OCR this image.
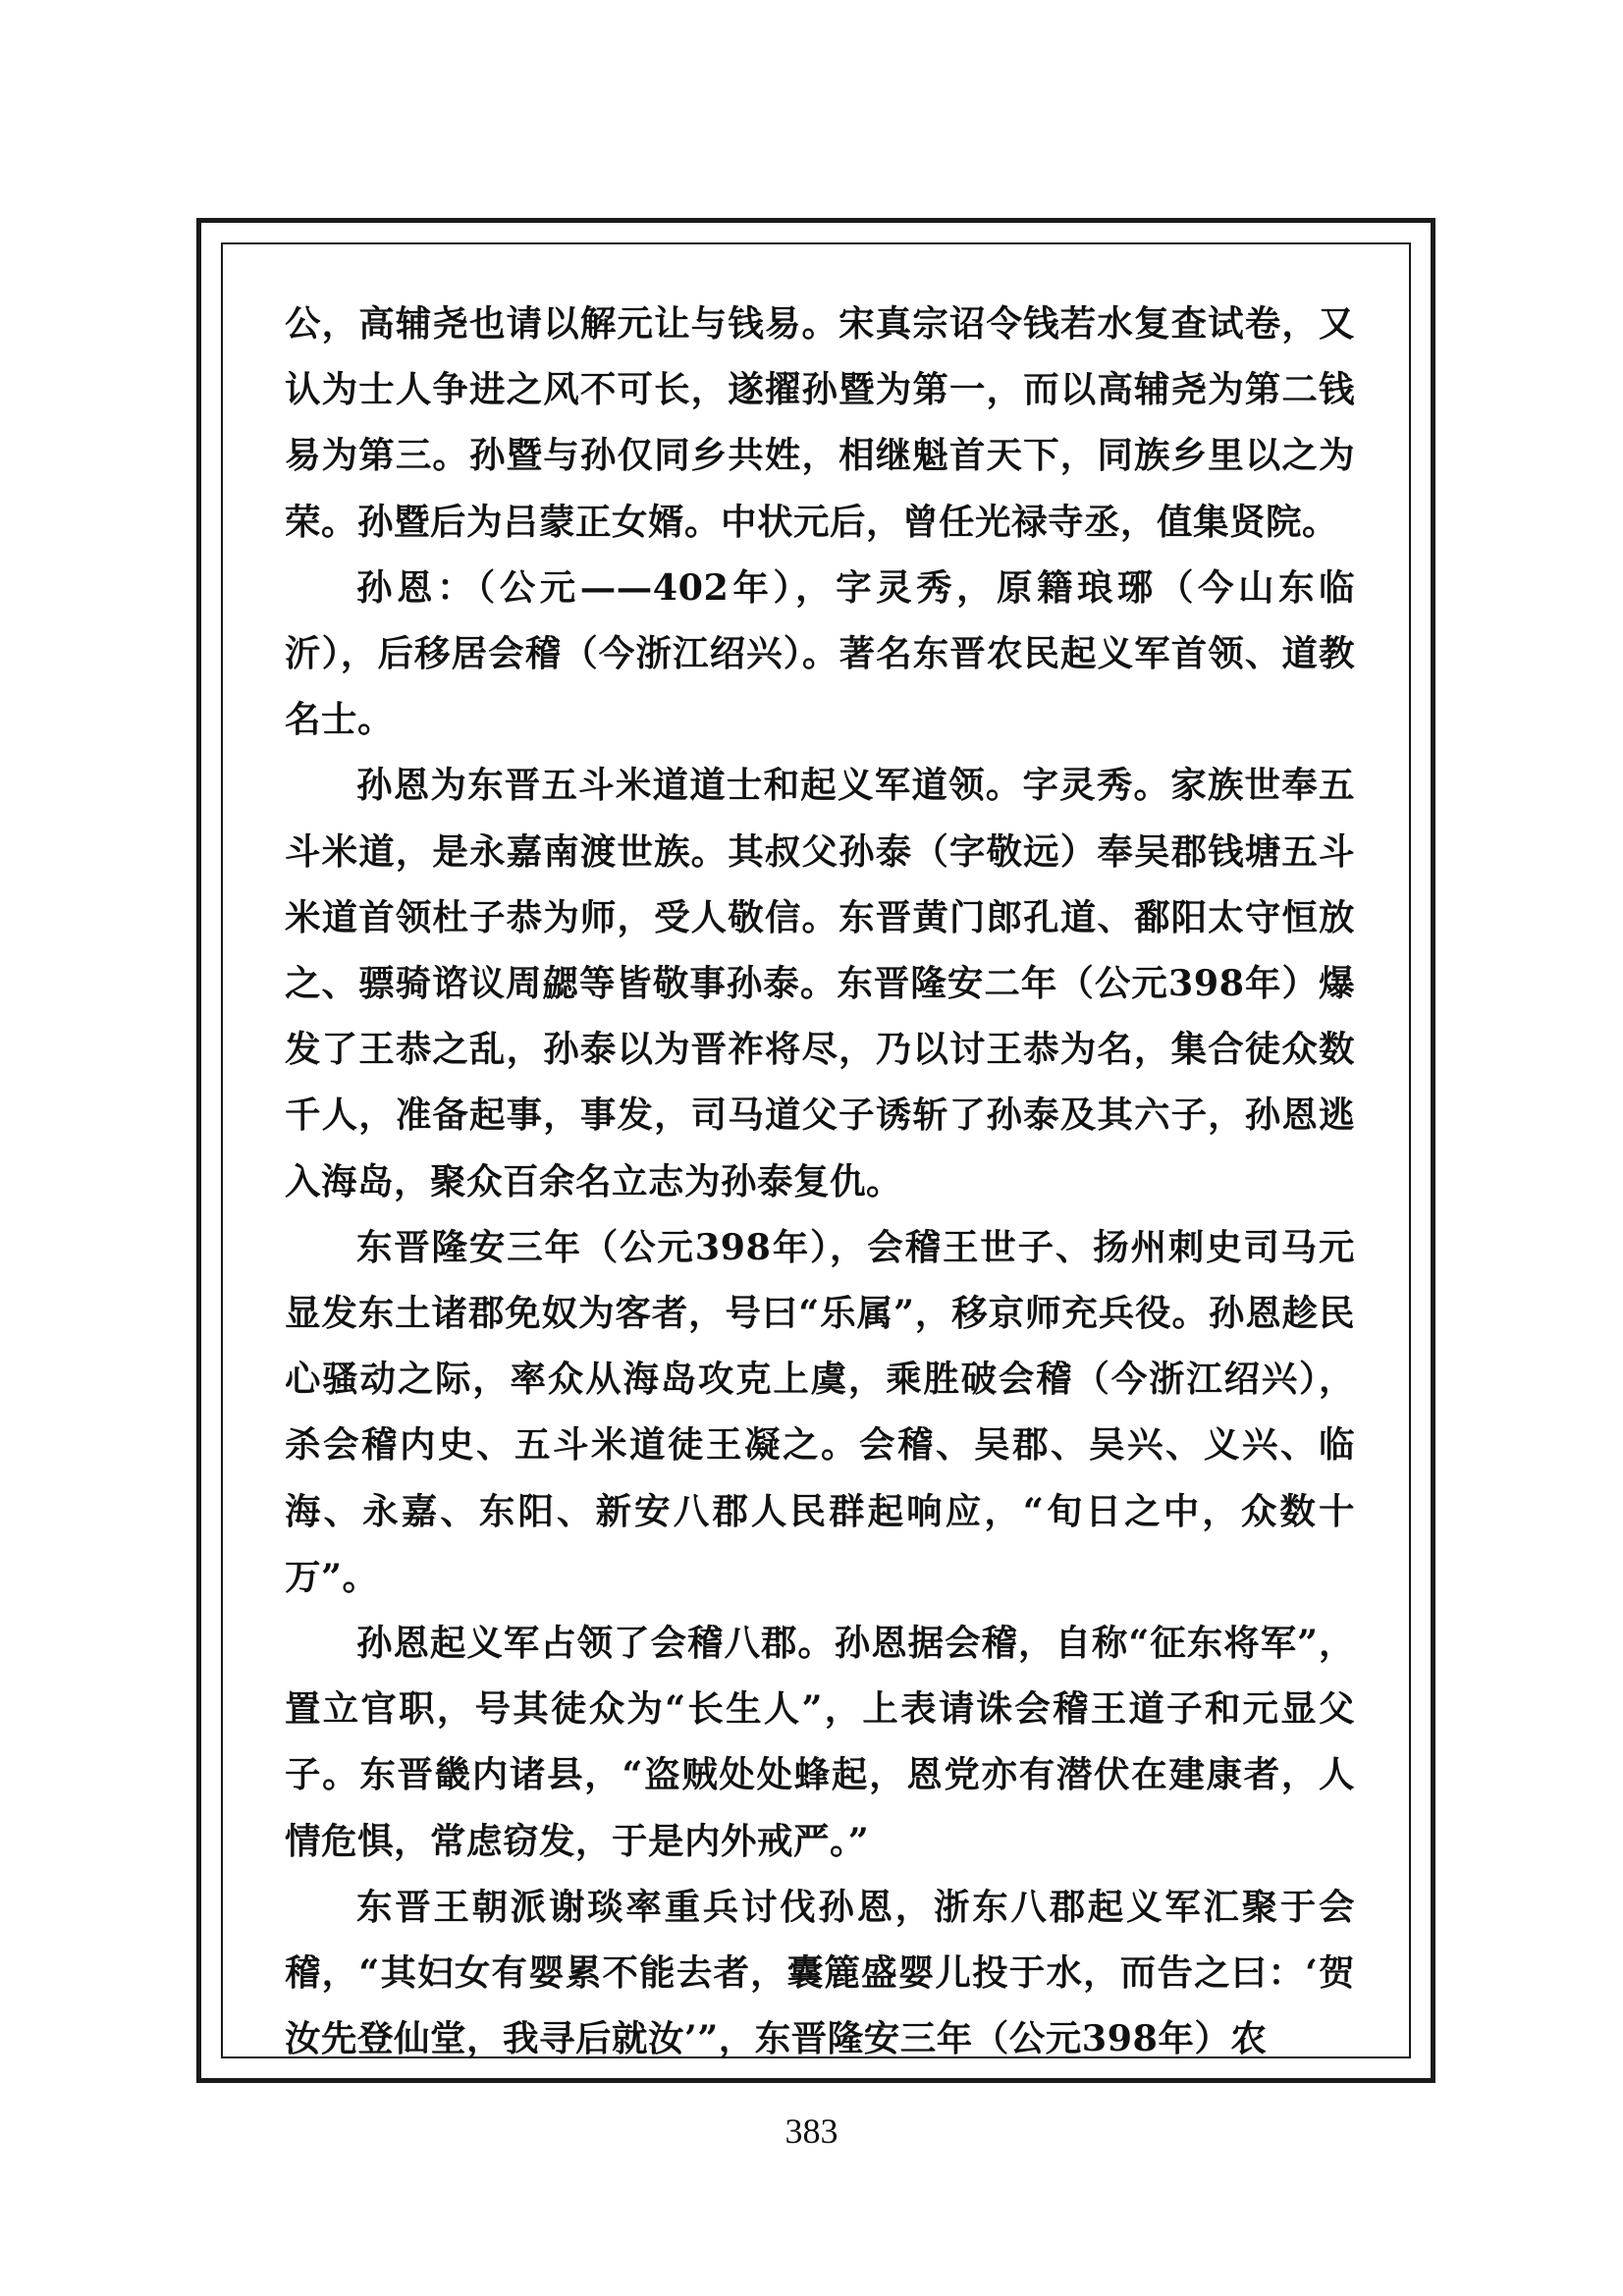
公，高辅尧也请以解元让与钱易。宋真宗诏令钱若水复查试卷，又认为士人争进之风不可长，遂擢孙暨为第一，而以高辅尧为第二钱易为第三。孙暨与孙仅同乡共姓，相继魁首天下，同族乡里以之为荣。孙暨后为吕蒙正女婿。中状元后，曾任光禄寺丞，值集贤院。

孙恩：（公元——402年），字灵秀，原籍琅琊（今山东临沂），后移居会稽（今浙江绍兴）。著名东晋农民起义军首领、道教名士。

孙恩为东晋五斗米道道士和起义军道领。字灵秀。家族世奉五斗米道，是永嘉南渡世族。其叔父孙泰（字敬远）奉吴郡钱塘五斗米道首领杜子恭为师，受人敬信。东晋黄门郎孔道、鄱阳太守恒放之、骠骑谘议周勰等皆敬事孙泰。东晋隆安二年（公元398年）爆发了王恭之乱，孙泰以为晋祚将尽，乃以讨王恭为名，集合徒众数千人，准备起事，事发，司马道父子诱斩了孙泰及其六子，孙恩逃入海岛，聚众百余名立志为孙泰复仇。

东晋隆安三年（公元398年），会稽王世子、扬州刺史司马元显发东土诸郡免奴为客者，号曰“乐属”，移京师充兵役。孙恩趁民心骚动之际，率众从海岛攻克上虞，乘胜破会稽（今浙江绍兴），杀会稽内史、五斗米道徒王凝之。会稽、吴郡、吴兴、义兴、临海、永嘉、东阳、新安八郡人民群起响应，“旬日之中，众数十万”。

孙恩起义军占领了会稽八郡。孙恩据会稽，自称“征东将军”，置立官职，号其徒众为“长生人”，上表请诛会稽王道子和元显父子。东晋畿内诸县，“盗贼处处蜂起，恩党亦有潜伏在建康者，人情危惧，常虑窃发，于是内外戒严。”

东晋王朝派谢琰率重兵讨伐孙恩，浙东八郡起义军汇聚于会稽，“其妇女有婴累不能去者，囊簏盛婴儿投于水，而告之曰：‘贺汝先登仙堂，我寻后就汝’”，东晋隆安三年（公元398年）农

383
